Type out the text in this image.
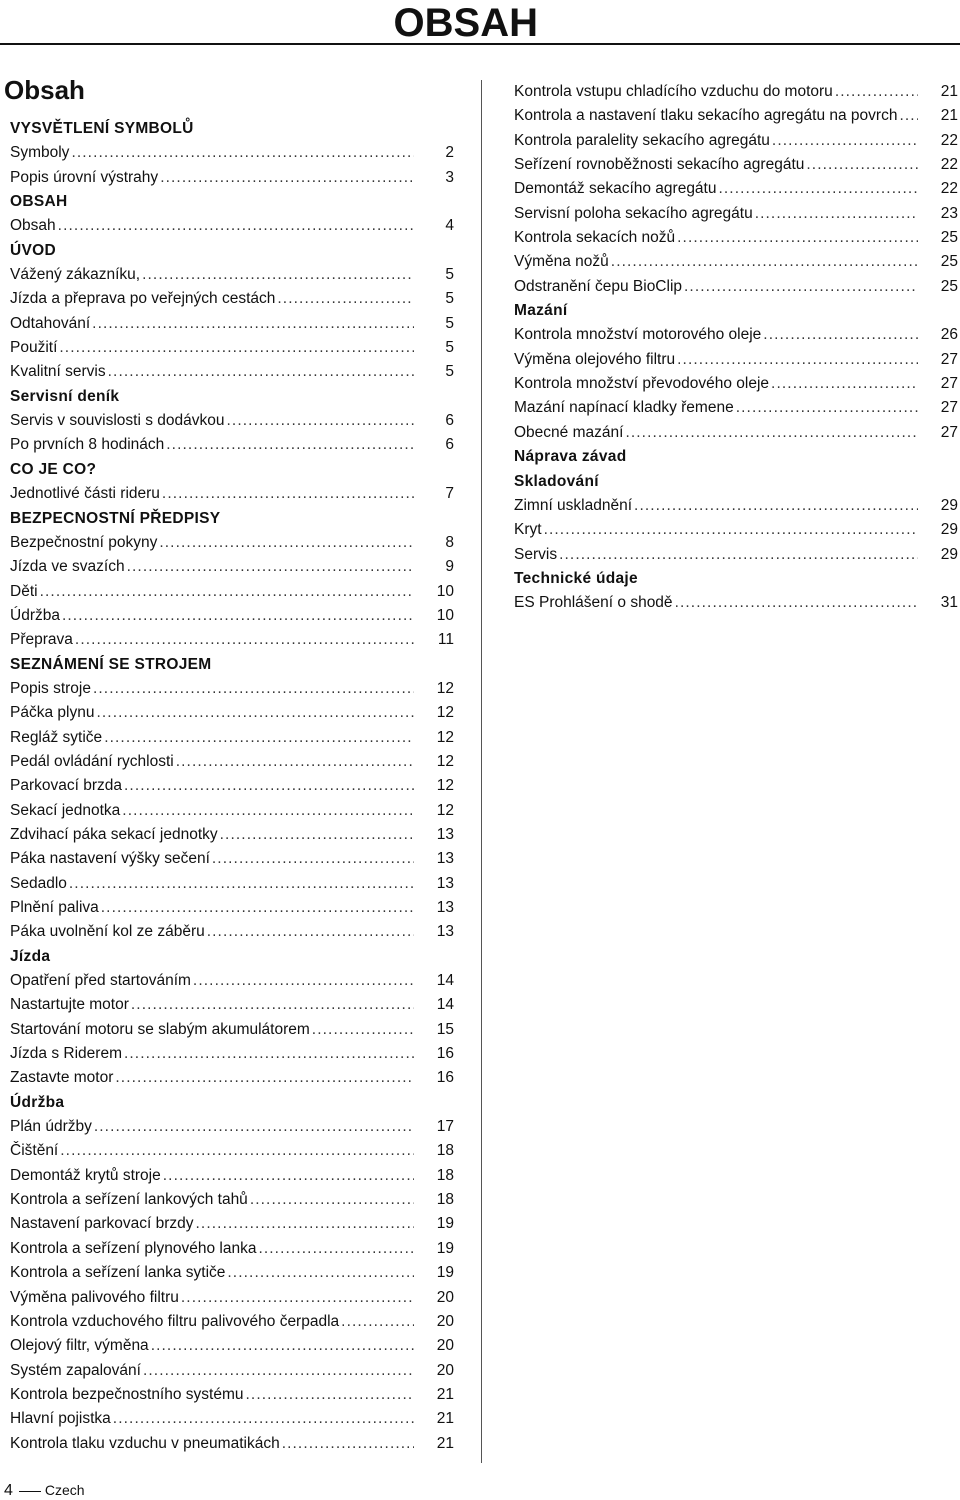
OBSAH
Obsah
VYSVĚTLENÍ SYMBOLŮ
Symboly . . .	2
Popis úrovní výstrahy . . .	3
OBSAH
Obsah . . .	4
ÚVOD
Vážený zákazníku, . . .	5
Jízda a přeprava po veřejných cestách . . .	5
Odtahování . . .	5
Použití . . .	5
Kvalitní servis . . .	5
Servisní deník
Servis v souvislosti s dodávkou . . .	6
Po prvních 8 hodinách . . .	6
CO JE CO?
Jednotlivé části rideru . . .	7
BEZPECNOSTNÍ PŘEDPISY
Bezpečnostní pokyny . . .	8
Jízda ve svazích . . .	9
Děti . . .	10
Údržba . . .	10
Přeprava . . .	11
SEZNÁMENÍ SE STROJEM
Popis stroje . . .	12
Páčka plynu . . .	12
Regláž sytiče . . .	12
Pedál ovládání rychlosti . . .	12
Parkovací brzda . . .	12
Sekací jednotka . . .	12
Zdvihací páka sekací jednotky . . .	13
Páka nastavení výšky sečení . . .	13
Sedadlo . . .	13
Plnění paliva . . .	13
Páka uvolnění kol ze záběru . . .	13
Jízda
Opatření před startováním . . .	14
Nastartujte motor . . .	14
Startování motoru se slabým akumulátorem . . .	15
Jízda s Riderem . . .	16
Zastavte motor . . .	16
Údržba
Plán údržby . . .	17
Čištění . . .	18
Demontáž krytů stroje . . .	18
Kontrola a seřízení lankových tahů . . .	18
Nastavení parkovací brzdy . . .	19
Kontrola a seřízení plynového lanka . . .	19
Kontrola a seřízení lanka sytiče . . .	19
Výměna palivového filtru . . .	20
Kontrola vzduchového filtru palivového čerpadla . . .	20
Olejový filtr, výměna . . .	20
Systém zapalování . . .	20
Kontrola bezpečnostního systému . . .	21
Hlavní pojistka . . .	21
Kontrola tlaku vzduchu v pneumatikách . . .	21
Kontrola vstupu chladícího vzduchu do motoru . . .	21
Kontrola a nastavení tlaku sekacího agregátu na povrch . . .	21
Kontrola paralelity sekacího agregátu . . .	22
Seřízení rovnoběžnosti sekacího agregátu . . .	22
Demontáž sekacího agregátu . . .	22
Servisní poloha sekacího agregátu . . .	23
Kontrola sekacích nožů . . .	25
Výměna nožů . . .	25
Odstranění čepu BioClip . . .	25
Mazání
Kontrola množství motorového oleje . . .	26
Výměna olejového filtru . . .	27
Kontrola množství převodového oleje . . .	27
Mazání napínací kladky řemene . . .	27
Obecné mazání . . .	27
Náprava závad
Skladování
Zimní uskladnění . . .	29
Kryt . . .	29
Servis . . .	29
Technické údaje
ES Prohlášení o shodě . . .	31
4 Czech
